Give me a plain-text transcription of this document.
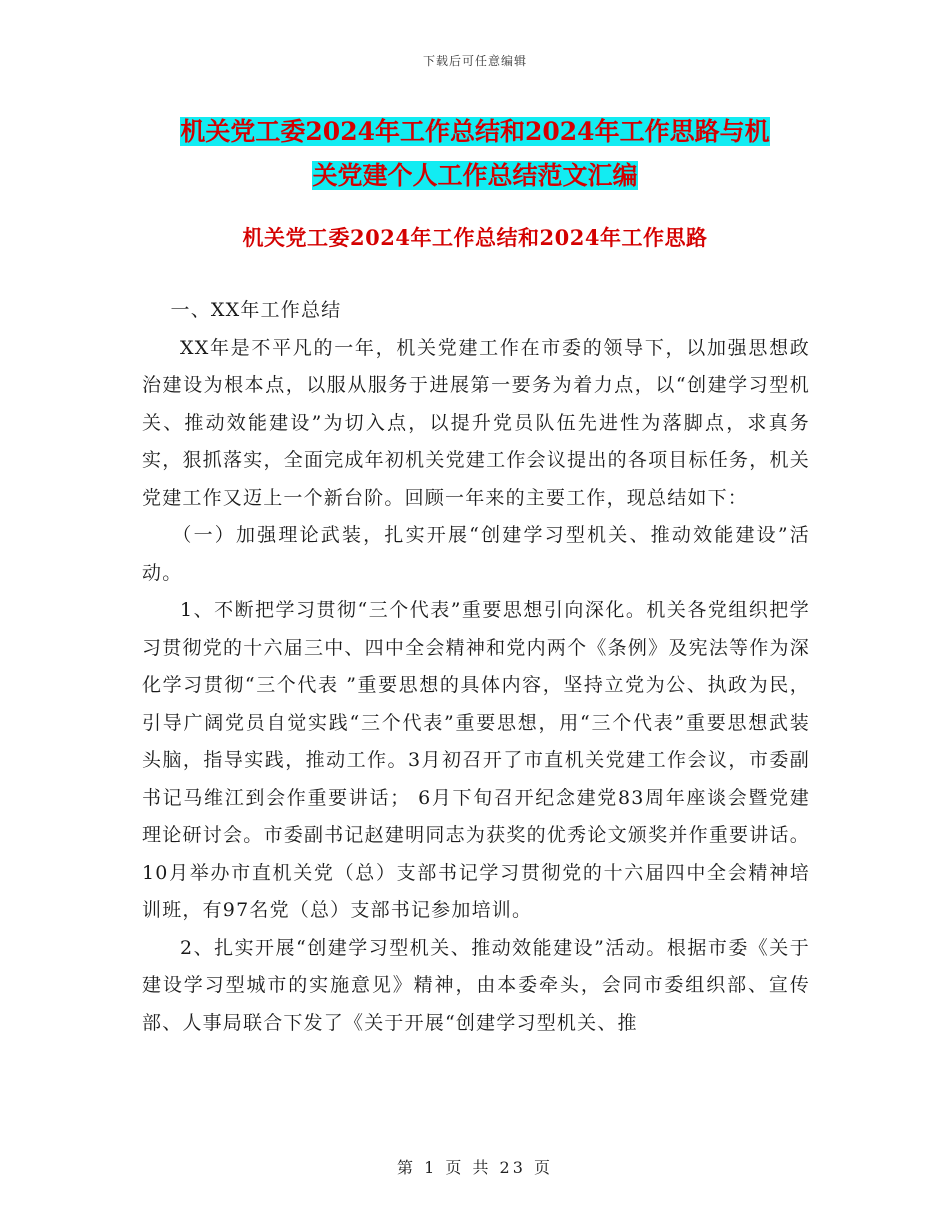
下载后可任意编辑
机关党工委2024年工作总结和2024年工作思路与机
关党建个人工作总结范文汇编
机关党工委2024年工作总结和2024年工作思路

一、XX年工作总结

XX年是不平凡的一年，机关党建工作在市委的领导下，以加强思想政治建设为根本点，以服从服务于进展第一要务为着力点，以“创建学习型机关、推动效能建设”为切入点，以提升党员队伍先进性为落脚点，求真务实，狠抓落实，全面完成年初机关党建工作会议提出的各项目标任务，机关党建工作又迈上一个新台阶。回顾一年来的主要工作，现总结如下：

（一）加强理论武装，扎实开展“创建学习型机关、推动效能建设”活动。

1、不断把学习贯彻“三个代表”重要思想引向深化。机关各党组织把学习贯彻党的十六届三中、四中全会精神和党内两个《条例》及宪法等作为深化学习贯彻“三个代表 ”重要思想的具体内容，坚持立党为公、执政为民，引导广阔党员自觉实践“三个代表”重要思想，用“三个代表”重要思想武装头脑，指导实践，推动工作。3月初召开了市直机关党建工作会议，市委副书记马维江到会作重要讲话； 6月下旬召开纪念建党83周年座谈会暨党建理论研讨会。市委副书记赵建明同志为获奖的优秀论文颁奖并作重要讲话。10月举办市直机关党（总）支部书记学习贯彻党的十六届四中全会精神培训班，有97名党（总）支部书记参加培训。

2、扎实开展“创建学习型机关、推动效能建设”活动。根据市委《关于建设学习型城市的实施意见》精神，由本委牵头，会同市委组织部、宣传部、人事局联合下发了《关于开展“创建学习型机关、推

第 1 页 共 23 页
